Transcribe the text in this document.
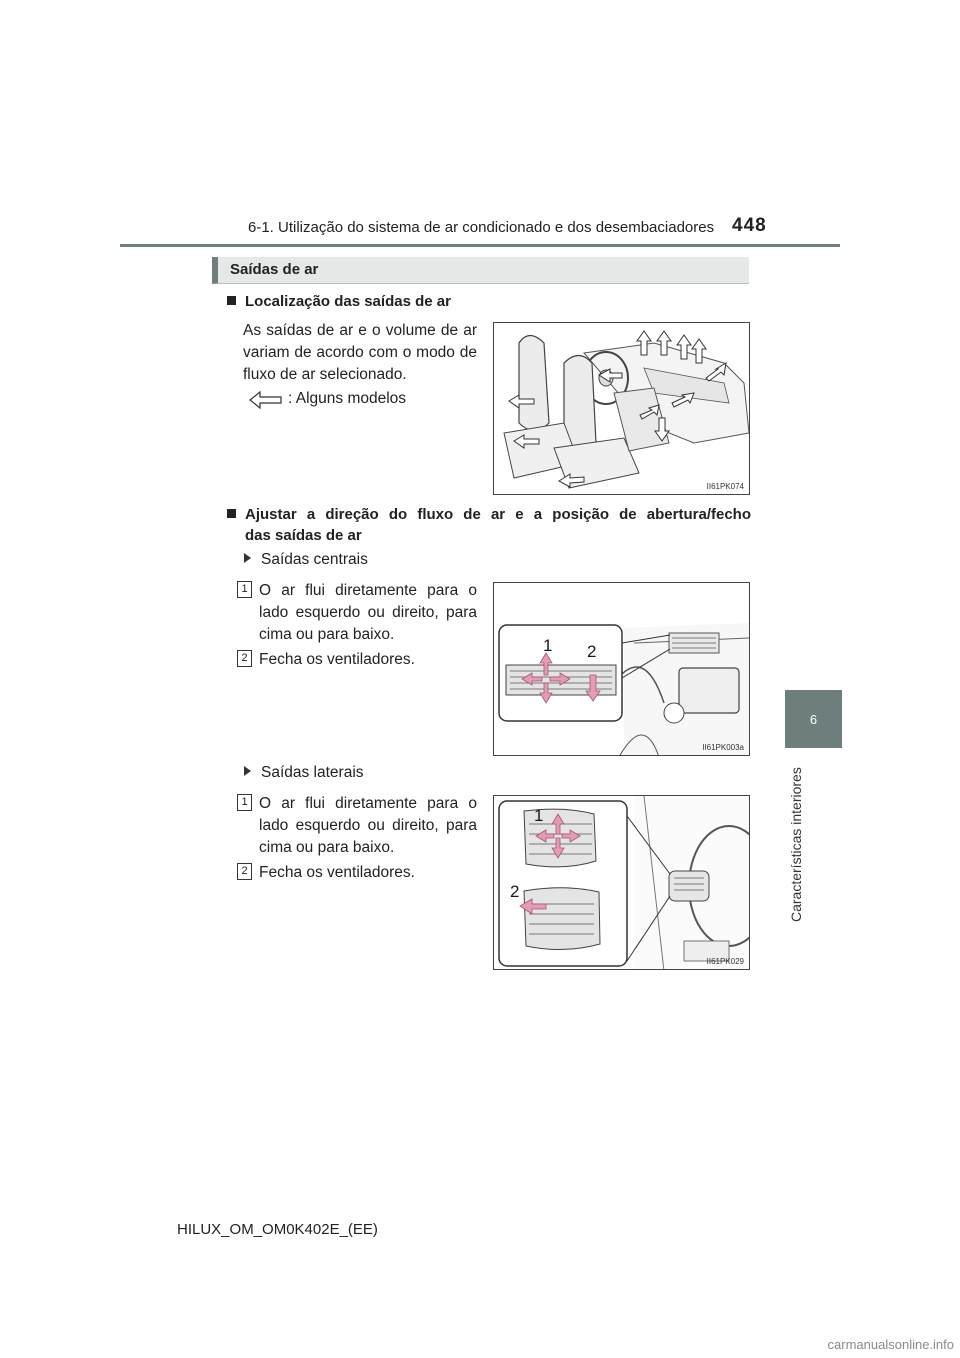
6-1. Utilização do sistema de ar condicionado e dos desembaciadores 448
6
Características interiores
Saídas de ar
Localização das saídas de ar
As saídas de ar e o volume de ar variam de acordo com o modo de fluxo de ar selecionado.
: Alguns modelos
II61PK074
Ajustar a direção do fluxo de ar e a posição de abertura/fecho
das saídas de ar
Saídas centrais
1 O ar flui diretamente para o lado esquerdo ou direito, para cima ou para baixo.
2 Fecha os ventiladores.
1 2
II61PK003a
Saídas laterais
1 O ar flui diretamente para o lado esquerdo ou direito, para cima ou para baixo.
2 Fecha os ventiladores.
1
2
II61PK029
HILUX_OM_OM0K402E_(EE)
carmanualsonline.info
